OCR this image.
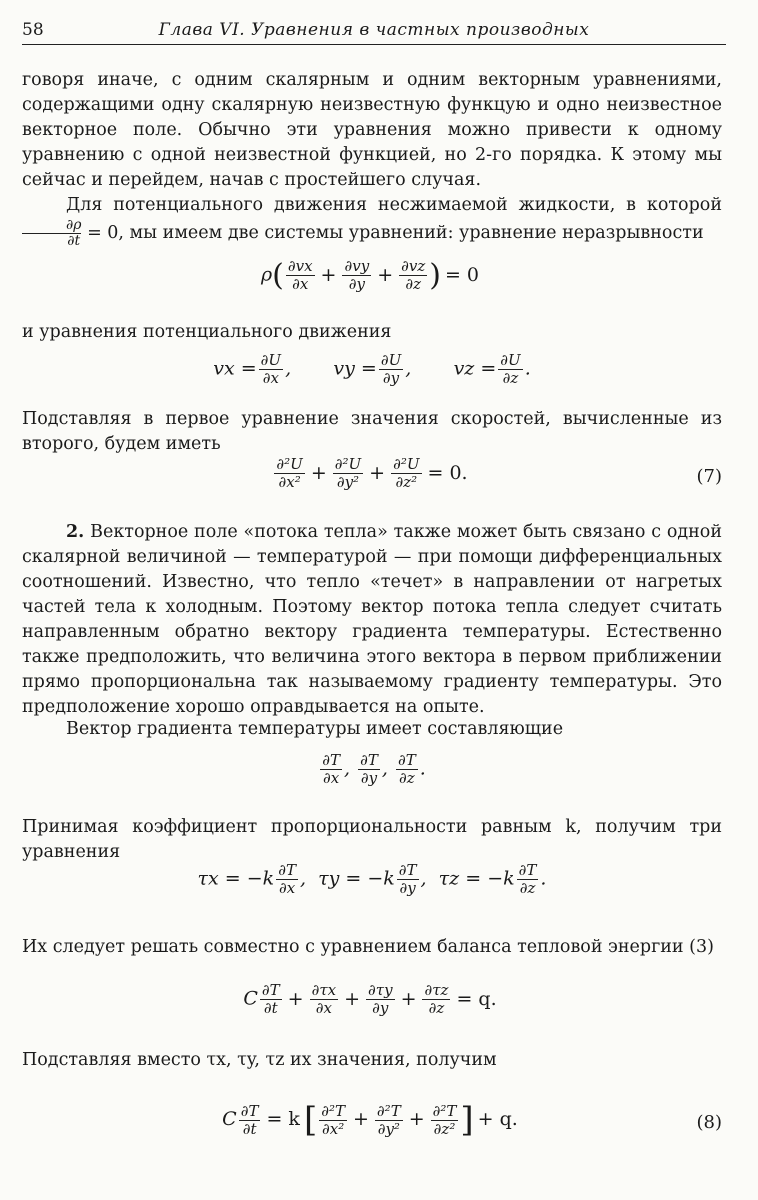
58	Глава VI. Уравнения в частных производных
говоря иначе, с одним скалярным и одним векторным уравнениями, содержащими одну скалярную неизвестную функцую и одно неизвестное векторное поле. Обычно эти уравнения можно привести к одному уравнению с одной неизвестной функцией, но 2-го порядка. К этому мы сейчас и перейдем, начав с простейшего случая.
Для потенциального движения несжимаемой жидкости, в которой
$\frac{\partial\rho}{\partial t} = 0$, мы имеем две системы уравнений: уравнение неразрывности
$\rho( \frac{\partial vx}{\partial x} + \frac{\partial vy}{\partial y} + \frac{\partial vz}{\partial z}$ ) = 0
и уравнения потенциального движения
vx = $\frac{\partial U}{\partial x}$ ,       vy = $\frac{\partial U}{\partial y}$ ,       vz = $\frac{\partial U}{\partial z}$ .
Подставляя в первое уравнение значения скоростей, вычисленные из второго, будем иметь
$\frac{\text{∂²U}}{\text{∂x²}} + \frac{\text{∂²U}}{\text{∂y²}} + \frac{\text{∂²U}}{\text{∂z²}} = 0$.	(7)
2. Векторное поле «потока тепла» также может быть связано с одной скалярной величиной — температурой — при помощи дифференциальных соотношений. Известно, что тепло «течет» в направлении от нагретых частей тела к холодным. Поэтому вектор потока тепла следует считать направленным обратно вектору градиента температуры. Естественно также предположить, что величина этого вектора в первом приближении прямо пропорциональна так называемому градиенту температуры. Это предположение хорошо оправдывается на опыте.
Вектор градиента температуры имеет составляющие
$\frac{\partial T}{\partial x}$ , $\frac{\partial T}{\partial y}$ , $\frac{\partial T}{\partial z}$ .
Принимая коэффициент пропорциональности равным k, получим три уравнения
$\tau x = -k \frac{\partial T}{\partial x}$ ,  $\tau y = -k \frac{\partial T}{\partial y}$ ,  $\tau z = -k \frac{\partial T}{\partial z}$ .
Их следует решать совместно с уравнением баланса тепловой энергии (3)
C $\frac{\partial T}{\partial t} + \frac{\partial\tau x}{\partial x} + \frac{\partial\tau y}{\partial y} + \frac{\partial\tau z}{\partial z} = q$.
Подставляя вместо τx, τy, τz их значения, получим
C $\frac{\partial T}{\partial t} = k$ [ $\frac{\text{∂²T}}{\text{∂x²}} + \frac{\text{∂²T}}{\text{∂y²}} + \frac{\text{∂²T}}{\text{∂z²}}$ ] + q.	(8)
